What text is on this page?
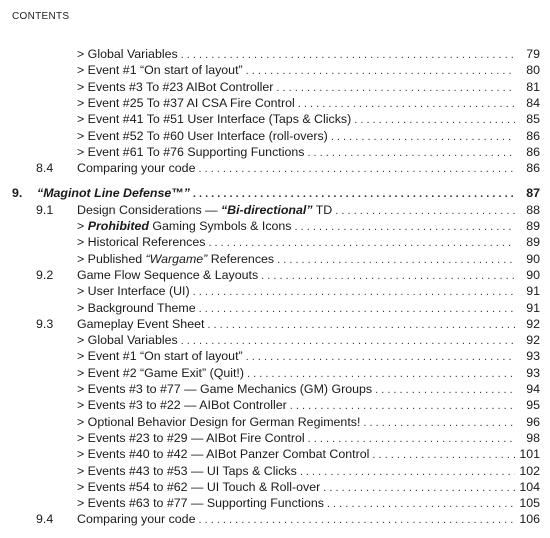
CONTENTS
> Global Variables . . .	79
> Event #1 “On start of layout” . . .	80
> Events #3 To #23 AIBot Controller . . .	81
> Event #25 To #37 AI CSA Fire Control . . .	84
> Event #41 To #51 User Interface (Taps & Clicks) . . .	85
> Event #52 To #60 User Interface (roll-overs) . . .	86
> Event #61 To #76 Supporting Functions . . .	86
8.4 Comparing your code . . .	86
9. “Maginot Line Defense™” . . .	87
9.1 Design Considerations — “Bi-directional” TD . . .	88
> Prohibited Gaming Symbols & Icons . . .	89
> Historical References . . .	89
> Published “Wargame” References . . .	90
9.2 Game Flow Sequence & Layouts . . .	90
> User Interface (UI) . . .	91
> Background Theme . . .	91
9.3 Gameplay Event Sheet . . .	92
> Global Variables . . .	92
> Event #1 “On start of layout” . . .	93
> Event #2 “Game Exit” (Quit!) . . .	93
> Events #3 to #77 — Game Mechanics (GM) Groups . . .	94
> Events #3 to #22 — AIBot Controller . . .	95
> Optional Behavior Design for German Regiments! . . .	96
> Events #23 to #29 — AIBot Fire Control . . .	98
> Events #40 to #42 — AIBot Panzer Combat Control . . .	101
> Events #43 to #53 — UI Taps & Clicks . . .	102
> Events #54 to #62 — UI Touch & Roll-over . . .	104
> Events #63 to #77 — Supporting Functions . . .	105
9.4 Comparing your code . . .	106
